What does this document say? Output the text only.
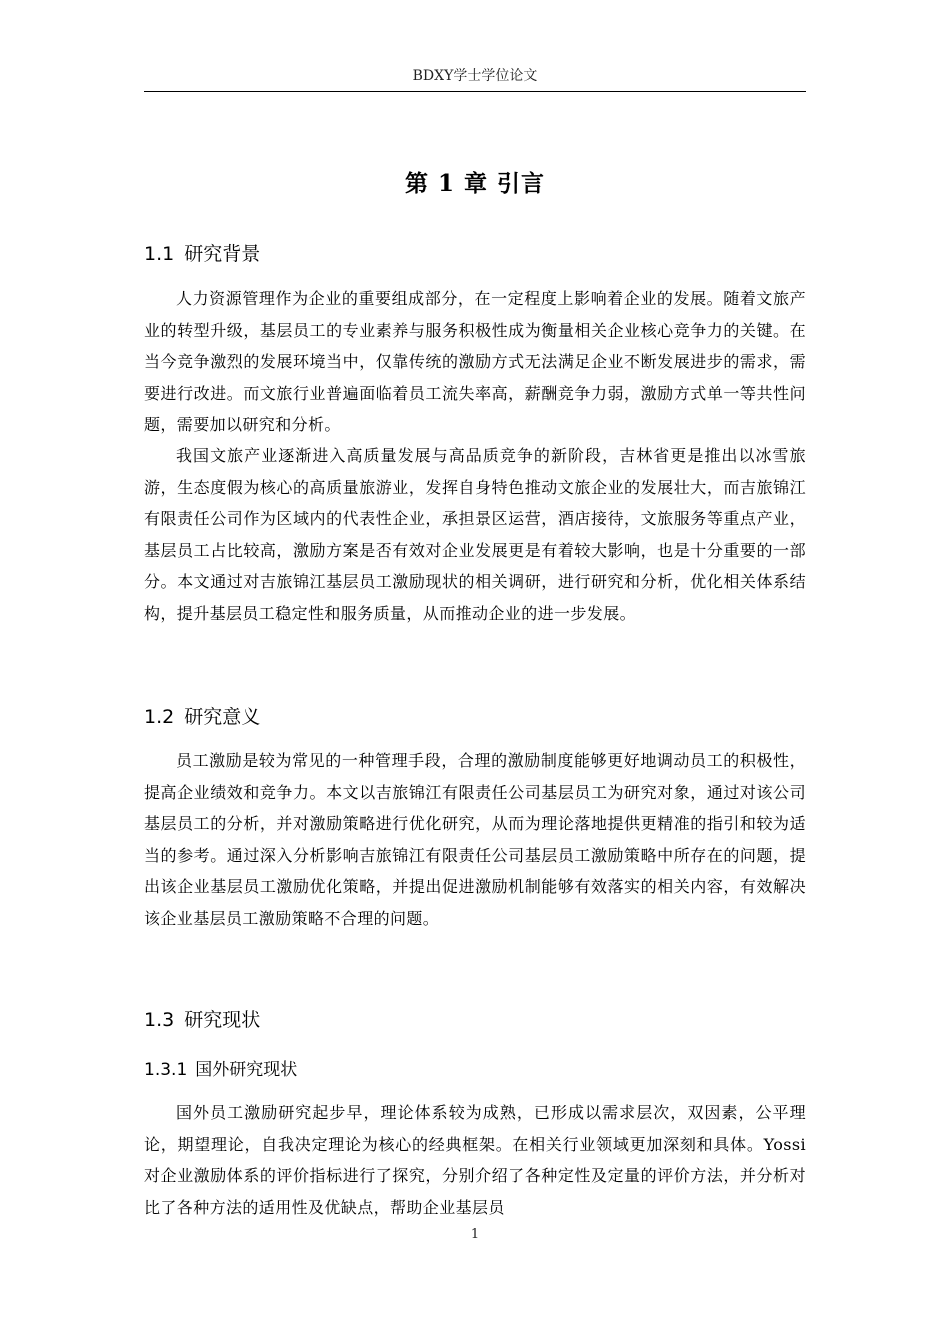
BDXY学士学位论文
第 1 章 引言
1.1 研究背景

人力资源管理作为企业的重要组成部分，在一定程度上影响着企业的发展。随着文旅产业的转型升级，基层员工的专业素养与服务积极性成为衡量相关企业核心竞争力的关键。在当今竞争激烈的发展环境当中，仅靠传统的激励方式无法满足企业不断发展进步的需求，需要进行改进。而文旅行业普遍面临着员工流失率高，薪酬竞争力弱，激励方式单一等共性问题，需要加以研究和分析。

我国文旅产业逐渐进入高质量发展与高品质竞争的新阶段，吉林省更是推出以冰雪旅游，生态度假为核心的高质量旅游业，发挥自身特色推动文旅企业的发展壮大，而吉旅锦江有限责任公司作为区域内的代表性企业，承担景区运营，酒店接待，文旅服务等重点产业，基层员工占比较高，激励方案是否有效对企业发展更是有着较大影响，也是十分重要的一部分。本文通过对吉旅锦江基层员工激励现状的相关调研，进行研究和分析，优化相关体系结构，提升基层员工稳定性和服务质量，从而推动企业的进一步发展。

1.2 研究意义

员工激励是较为常见的一种管理手段，合理的激励制度能够更好地调动员工的积极性，提高企业绩效和竞争力。本文以吉旅锦江有限责任公司基层员工为研究对象，通过对该公司基层员工的分析，并对激励策略进行优化研究，从而为理论落地提供更精准的指引和较为适当的参考。通过深入分析影响吉旅锦江有限责任公司基层员工激励策略中所存在的问题，提出该企业基层员工激励优化策略，并提出促进激励机制能够有效落实的相关内容，有效解决该企业基层员工激励策略不合理的问题。

1.3 研究现状
1.3.1 国外研究现状

国外员工激励研究起步早，理论体系较为成熟，已形成以需求层次，双因素，公平理论，期望理论，自我决定理论为核心的经典框架。在相关行业领域更加深刻和具体。Yossi 对企业激励体系的评价指标进行了探究，分别介绍了各种定性及定量的评价方法，并分析对比了各种方法的适用性及优缺点，帮助企业基层员

1
